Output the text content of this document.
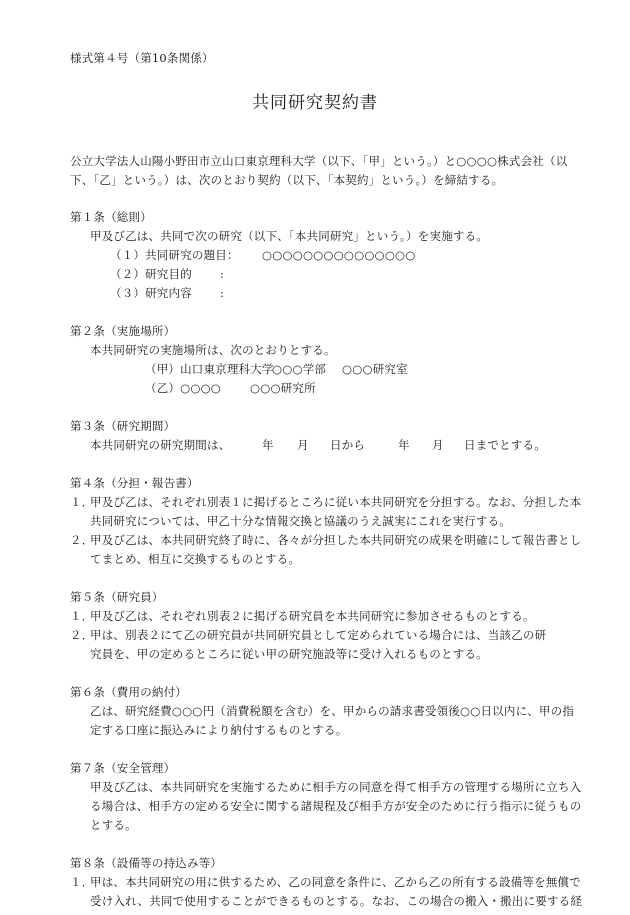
様式第４号（第10条関係）
共同研究契約書
公立大学法人山陽小野田市立山口東京理科大学（以下、「甲」という。）と○○○○株式会社（以
下、「乙」という。）は、次のとおり契約（以下、「本契約」という。）を締結する。
第１条（総則）
甲及び乙は、共同で次の研究（以下、「本共同研究」という。）を実施する。
（１）共同研究の題目： ○○○○○○○○○○○○○○○
（２）研究目的 :
（３）研究内容 :
第２条（実施場所）
本共同研究の実施場所は、次のとおりとする。
（甲）山口東京理科大学
○○○学部 ○○○研究室
（乙）○○○○	○○○研究所
第３条（研究期間）
本共同研究の研究期間は、	年 月 日から	年 月 日までとする。
第４条（分担・報告書）
１．
甲及び乙は、それぞれ別表１に掲げるところに従い本共同研究を分担する。なお、分担した本
共同研究については、甲乙十分な情報交換と協議のうえ誠実にこれを実行する。
２．
甲及び乙は、本共同研究終了時に、各々が分担した本共同研究の成果を明確にして報告書とし
てまとめ、相互に交換するものとする。
第５条（研究員）
１．
甲及び乙は、それぞれ別表２に掲げる研究員を本共同研究に参加させるものとする。
２．
甲は、別表２にて乙の研究員が共同研究員として定められている場合には、当該乙の研
究員を、甲の定めるところに従い甲の研究施設等に受け入れるものとする。
第６条（費用の納付）
乙は、研究経費○○○円（消費税額を含む）を、甲からの請求書受領後○○日以内に、甲の指
定する口座に振込みにより納付するものとする。
第７条（安全管理）
甲及び乙は、本共同研究を実施するために相手方の同意を得て相手方の管理する場所に立ち入
る場合は、相手方の定める安全に関する諸規程及び相手方が安全のために行う指示に従うもの
とする。
第８条（設備等の持込み等）
１．
甲は、本共同研究の用に供するため、乙の同意を条件に、乙から乙の所有する設備等を無償で
受け入れ、共同で使用することができるものとする。なお、この場合の搬入・搬出に要する経
